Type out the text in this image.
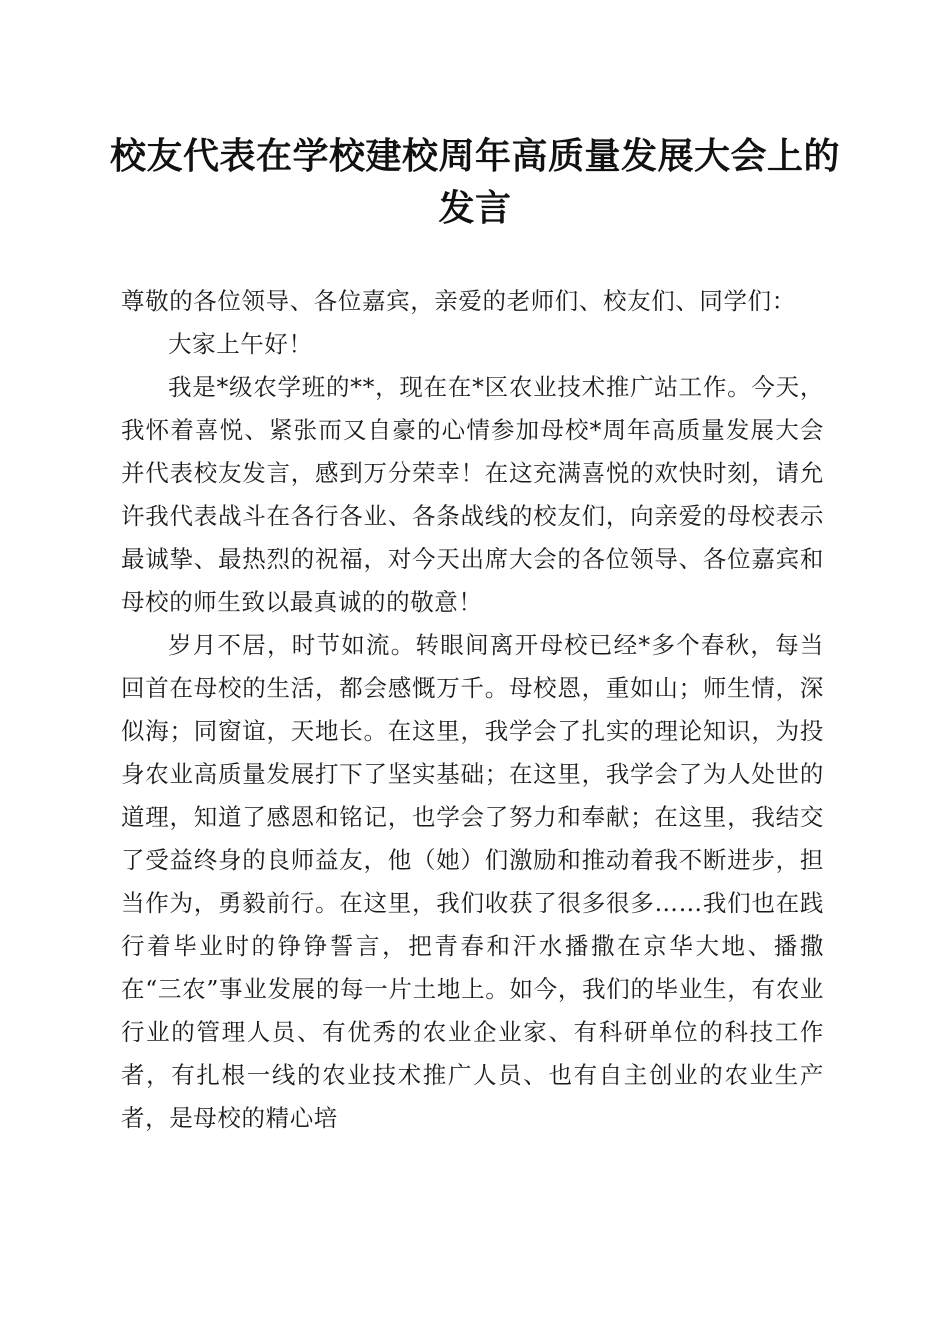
校友代表在学校建校周年高质量发展大会上的发言

尊敬的各位领导、各位嘉宾，亲爱的老师们、校友们、同学们：

大家上午好！

我是*级农学班的**，现在在*区农业技术推广站工作。今天，我怀着喜悦、紧张而又自豪的心情参加母校*周年高质量发展大会并代表校友发言，感到万分荣幸！在这充满喜悦的欢快时刻，请允许我代表战斗在各行各业、各条战线的校友们，向亲爱的母校表示最诚挚、最热烈的祝福，对今天出席大会的各位领导、各位嘉宾和母校的师生致以最真诚的的敬意！

岁月不居，时节如流。转眼间离开母校已经*多个春秋，每当回首在母校的生活，都会感慨万千。母校恩，重如山；师生情，深似海；同窗谊，天地长。在这里，我学会了扎实的理论知识，为投身农业高质量发展打下了坚实基础；在这里，我学会了为人处世的道理，知道了感恩和铭记，也学会了努力和奉献；在这里，我结交了受益终身的良师益友，他（她）们激励和推动着我不断进步，担当作为，勇毅前行。在这里，我们收获了很多很多……我们也在践行着毕业时的铮铮誓言，把青春和汗水播撒在京华大地、播撒在“三农”事业发展的每一片土地上。如今，我们的毕业生，有农业行业的管理人员、有优秀的农业企业家、有科研单位的科技工作者，有扎根一线的农业技术推广人员、也有自主创业的农业生产者，是母校的精心培
